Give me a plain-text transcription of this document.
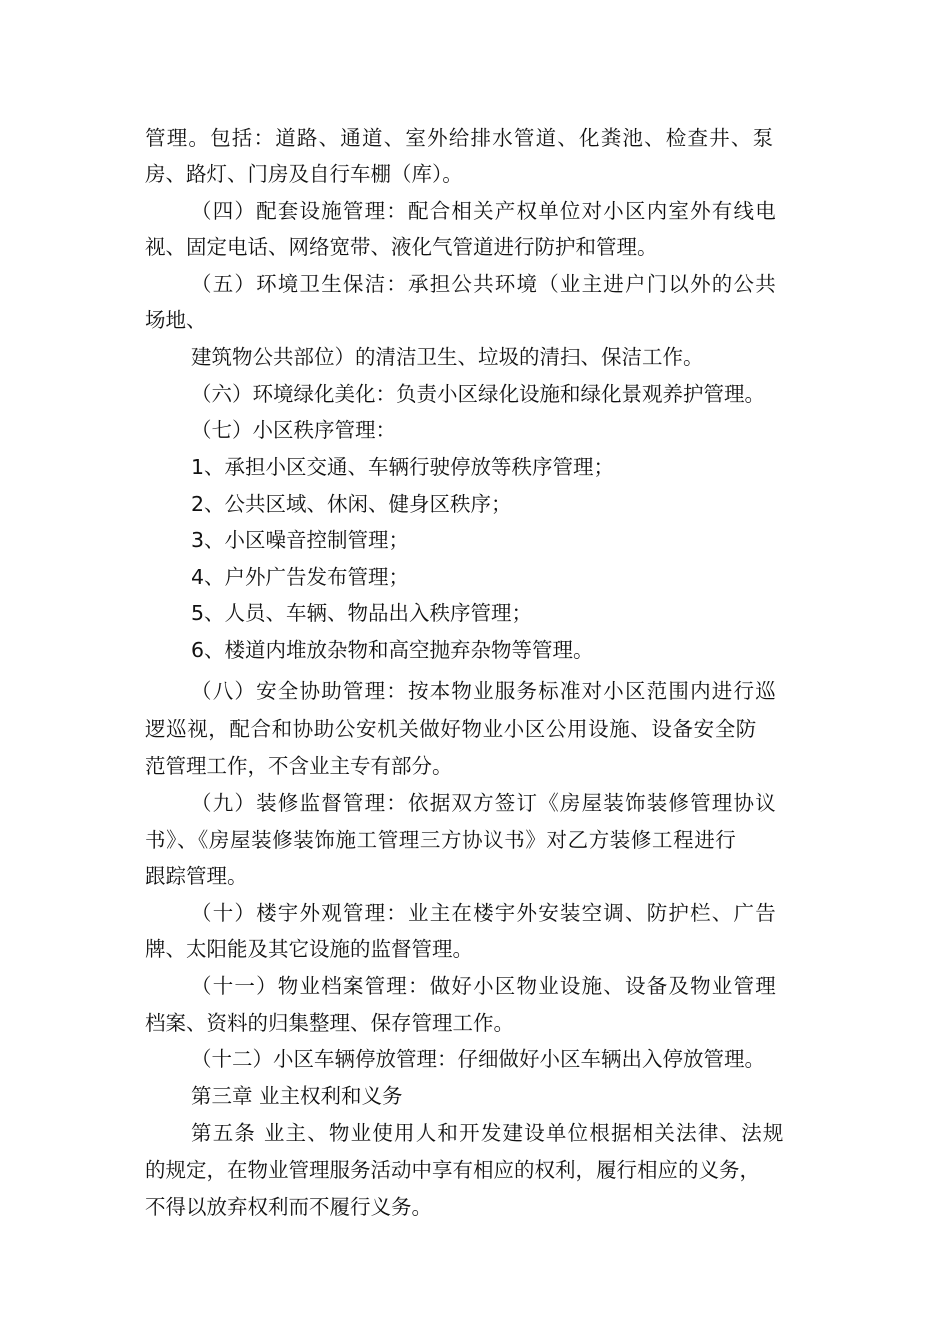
管理。包括：道路、通道、室外给排水管道、化粪池、检查井、泵
房、路灯、门房及自行车棚（库）。
（四）配套设施管理：配合相关产权单位对小区内室外有线电
视、固定电话、网络宽带、液化气管道进行防护和管理。
（五）环境卫生保洁：承担公共环境（业主进户门以外的公共
场地、
建筑物公共部位）的清洁卫生、垃圾的清扫、保洁工作。
（六）环境绿化美化：负责小区绿化设施和绿化景观养护管理。
（七）小区秩序管理：
1、承担小区交通、车辆行驶停放等秩序管理；
2、公共区域、休闲、健身区秩序；
3、小区噪音控制管理；
4、户外广告发布管理；
5、人员、车辆、物品出入秩序管理；
6、楼道内堆放杂物和高空抛弃杂物等管理。
（八）安全协助管理：按本物业服务标准对小区范围内进行巡
逻巡视，配合和协助公安机关做好物业小区公用设施、设备安全防
范管理工作，不含业主专有部分。
（九）装修监督管理：依据双方签订《房屋装饰装修管理协议
书》、《房屋装修装饰施工管理三方协议书》对乙方装修工程进行
跟踪管理。
（十）楼宇外观管理：业主在楼宇外安装空调、防护栏、广告
牌、太阳能及其它设施的监督管理。
（十一）物业档案管理：做好小区物业设施、设备及物业管理
档案、资料的归集整理、保存管理工作。
（十二）小区车辆停放管理：仔细做好小区车辆出入停放管理。
第三章 业主权利和义务
第五条 业主、物业使用人和开发建设单位根据相关法律、法规
的规定，在物业管理服务活动中享有相应的权利，履行相应的义务，
不得以放弃权利而不履行义务。
